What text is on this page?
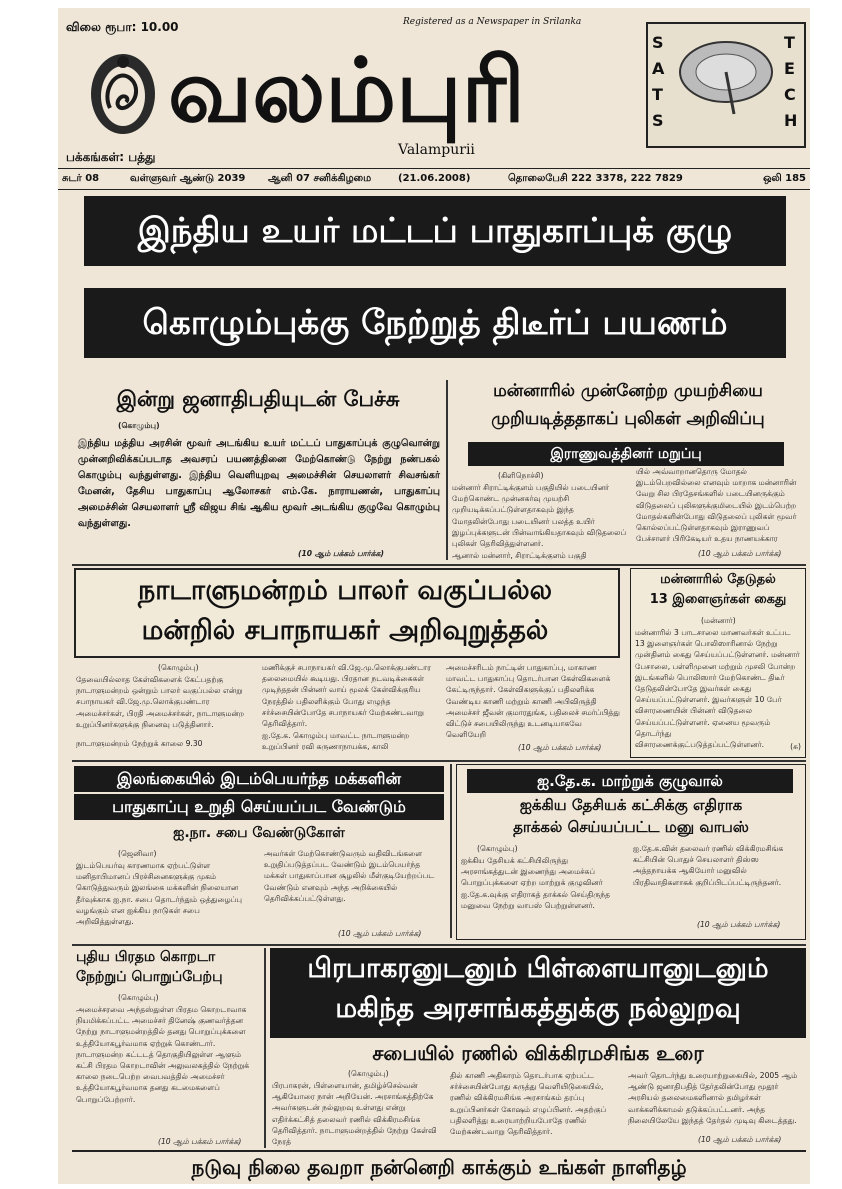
விலை ரூபா: 10.00	Registered as a Newspaper in Srilanka
வலம்புரி
Valampurii
பக்கங்கள்: பத்து
SATS
TECH
சுடர் 08	வள்ளுவர் ஆண்டு 2039 ஆனி 07 சனிக்கிழமை	(21.06.2008)	தொலைபேசி 222 3378, 222 7829	ஒலி 185
இந்திய உயர் மட்டப் பாதுகாப்புக் குழு
கொழும்புக்கு நேற்றுத் திடீர்ப் பயணம்
இன்று ஜனாதிபதியுடன் பேச்சு
(கொழும்பு)
இந்திய மத்திய அரசின் மூவர் அடங்கிய உயர் மட்டப் பாதுகாப்புக் குழுவொன்று முன்னறிவிக்கப்படாத அவசரப் பயணத்தினை மேற்கொண்டு நேற்று நண்பகல் கொழும்பு வந்துள்ளது. இந்திய வெளியுறவு அமைச்சின் செயலாளர் சிவசங்கர் மேனன், தேசிய பாதுகாப்பு ஆலோசகர் எம்.கே. நாராயணன், பாதுகாப்பு அமைச்சின் செயலாளர் ஸ்ரீ விஜய சிங் ஆகிய மூவர் அடங்கிய குழுவே கொழும்பு வந்துள்ளது.
(10 ஆம் பக்கம் பார்க்க)
மன்னாரில் முன்னேற்ற முயற்சியை
முறியடித்ததாகப் புலிகள் அறிவிப்பு
இராணுவத்தினர் மறுப்பு
(கிளிநொச்சி)
மன்னார் சிராட்டிக்குளம் பகுதியில் படையினர் மேற்கொண்ட முன்னகர்வு முயற்சி முறியடிக்கப்பட்டுள்ளதாகவும் இந்த மோதலின்போது படையினர் பலத்த உயிர் இழப்புக்களுடன் பின்வாங்கியதாகவும் விடுதலைப் புலிகள் தெரிவித்துள்ளனர்.
ஆனால் மன்னார், சிராட்டிக்குளம் பகுதி
யில் அவ்வாறானதொரு மோதல் இடம்பெறவில்லை எனவும் மாறாக மன்னாரின் வேறு சில பிரதேசங்களில் படையினருக்கும் விடுதலைப் புலிகளுக்குமிடையில் இடம்பெற்ற மோதல்களின்போது விடுதலைப் புலிகள் மூவர் கொல்லப்பட்டுள்ளதாகவும் இராணுவப் பேச்சாளர் பிரிகேடியர் உதய நாணயக்கார
(10 ஆம் பக்கம் பார்க்க)
நாடாளுமன்றம் பாலர் வகுப்பல்ல
மன்றில் சபாநாயகர் அறிவுறுத்தல்
(கொழும்பு)
தேவையில்லாத கேள்விகளைக் கேட்பதற்கு நாடாளுமன்றம் ஒன்றும் பாலர் வகுப்பல்ல என்று சபாநாயகர் வி.ஜே.மு.லொக்குபண்டார அமைச்சர்கள், பிரதி அமைச்சர்கள், நாடாளுமன்ற உறுப்பினர்களுக்கு நினைவு படுத்தினார்.
நாடாளுமன்றம் நேற்றுக் காலை 9.30
மணிக்குச் சபாநாயகர் வி.ஜே.மு.லொக்குபண்டார தலைமையில் கூடியது. பிரதான நடவடிக்கைகள் முடிந்ததன் பின்னர் வாய் மூலக் கேள்விக்குரிய நேரத்தில் பதிலளிக்கும் போது எழுந்த சர்ச்சையின்போதே சபாநாயகர் மேற்கண்டவாறு தெரிவித்தார்.
ஐ.தே.க. கொழும்பு மாவட்ட நாடாளுமன்ற உறுப்பினர் ரவி கருணாநாயக்க, காலி
அமைச்சரிடம் நாட்டின் பாதுகாப்பு, மாகாண மாவட்ட பாதுகாப்பு தொடர்பான கேள்விகளைக் கேட்டிருந்தார். கேள்விகளுக்குப் பதிலளிக்க வேண்டிய காணி மற்றும் காணி அபிவிருத்தி அமைச்சர் ஜீவன் குமாரதுங்க, பதிலைச் சமர்ப்பித்து விட்டுச் சபையிலிருந்து உடனடியாகவே வெளியேறி
(10 ஆம் பக்கம் பார்க்க)
மன்னாரில் தேடுதல்
13 இளைஞர்கள் கைது
(மன்னார்)
மன்னாரில் 3 பாடசாலை மாணவர்கள் உட்பட 13 இளைஞர்கள் பொலிஸாரினால் நேற்று முன்தினம் கைது செய்யப்பட்டுள்ளனர். மன்னார் பேசாலை, பள்ளிமுனை மற்றும் முசலி போன்ற இடங்களில் பொலிஸார் மேற்கொண்ட திடீர் தேடுதலின்போதே இவர்கள் கைது செய்யப்பட்டுள்ளனர். இவர்களுள் 10 பேர் விசாரணையின் பின்னர் விடுதலை செய்யப்பட்டுள்ளனர். ஏனைய மூவரும் தொடர்ந்து விசாரணைக்குட்படுத்தப்பட்டுள்ளனர்.	(சு)
இலங்கையில் இடம்பெயர்ந்த மக்களின்
பாதுகாப்பு உறுதி செய்யப்பட வேண்டும்
ஐ.நா. சபை வேண்டுகோள்
(ஜெனிவா)
இடம்பெயர்வு காரணமாக ஏற்பட்டுள்ள மனிதாபிமானப் பிரச்சினைகளுக்கு முகம் கொடுத்துவரும் இலங்கை மக்களின் நிலையான தீர்வுக்காக ஐ.நா. சபை தொடர்ந்தும் ஒத்துழைப்பு வழங்கும் என ஐக்கிய நாடுகள் சபை அறிவித்துள்ளது.
அவர்கள் மேற்கொண்டுவரும் வதிவிடங்களை உறுதிப்படுத்தப்பட வேண்டும் இடம்பெயர்ந்த மக்கள் பாதுகாப்பான சூழலில் மீள்குடியேற்றப்பட வேண்டும் எனவும் அந்த அறிக்கையில் தெரிவிக்கப்பட்டுள்ளது.
(10 ஆம் பக்கம் பார்க்க)
ஐ.தே.க. மாற்றுக் குழுவால்
ஐக்கிய தேசியக் கட்சிக்கு எதிராக
தாக்கல் செய்யப்பட்ட மனு வாபஸ்
(கொழும்பு)
ஐக்கிய தேசியக் கட்சியிலிருந்து அரசாங்கத்துடன் இணைந்து அமைச்சுப் பொறுப்புக்களை ஏற்ற மாற்றுக் குழுவினர் ஐ.தே.க.வுக்கு எதிராகத் தாக்கல் செய்திருந்த மனுவை நேற்று வாபஸ் பெற்றுள்ளனர்.
ஐ.தே.க.வின் தலைவர் ரணில் விக்கிரமசிங்க கட்சியின் பொதுச் செயலாளர் திஸ்ஸ அத்தநாயக்க ஆகியோர் மனுவில் பிரதிவாதிகளாகக் குறிப்பிடப்பட்டிருந்தனர்.
(10 ஆம் பக்கம் பார்க்க)
புதிய பிரதம கொறடா
நேற்றுப் பொறுப்பேற்பு
(கொழும்பு)
அமைச்சரவை அந்தஸ்துள்ள பிரதம கொறடாவாக நியமிக்கப்பட்ட அமைச்சர் தினேஷ் குணவர்த்தன நேற்று நாடாளுமன்றத்தில் தனது பொறுப்புக்களை உத்தியோகபூர்வமாக ஏற்றுக் கொண்டார். நாடாளுமன்ற கட்டடத் தொகுதியிலுள்ள ஆளும் கட்சி பிரதம கொறடாவின் அலுவலகத்தில் நேற்றுக் காலை நடைபெற்ற வைபவத்தில் அமைச்சர் உத்தியோகபூர்வமாக தனது கடமைகளைப் பொறுப்பேற்றார்.
(10 ஆம் பக்கம் பார்க்க)
பிரபாகரனுடனும் பிள்ளையானுடனும்
மகிந்த அரசாங்கத்துக்கு நல்லுறவு
சபையில் ரணில் விக்கிரமசிங்க உரை
(கொழும்பு)
பிரபாகரன், பிள்ளையான், தமிழ்ச்செல்வன் ஆகியோரை நான் அறியேன். அரசாங்கத்திற்கே அவர்களுடன் நல்லுறவு உள்ளது என்று எதிர்க்கட்சித் தலைவர் ரணில் விக்கிரமசிங்க தெரிவித்தார். நாடாளுமன்றத்தில் நேற்று கேள்வி நேரத்
தில் காணி அதிகாரம் தொடர்பாக ஏற்பட்ட சர்ச்சையின்போது கருத்து வெளியிடுகையில், ரணில் விக்கிரமசிங்க அரசாங்கம் தரப்பு உறுப்பினர்கள் கோஷம் எழுப்பினர். அதற்குப் பதிலளித்து உரையாற்றியபோதே ரணில் மேற்கண்டவாறு தெரிவித்தார்.
அவர் தொடர்ந்து உரையாற்றுகையில், 2005 ஆம் ஆண்டு ஜனாதிபதித் தேர்தலின்போது மூதூர் அரசியல் தலைமைகளினால் தமிழர்கள் வாக்களிக்காமல் தடுக்கப்பட்டனர். அந்த நிலையிலேயே இந்தத் தேர்தல் முடிவு கிடைத்தது.
(10 ஆம் பக்கம் பார்க்க)
நடுவு நிலை தவறா நன்னெறி காக்கும் உங்கள் நாளிதழ்
